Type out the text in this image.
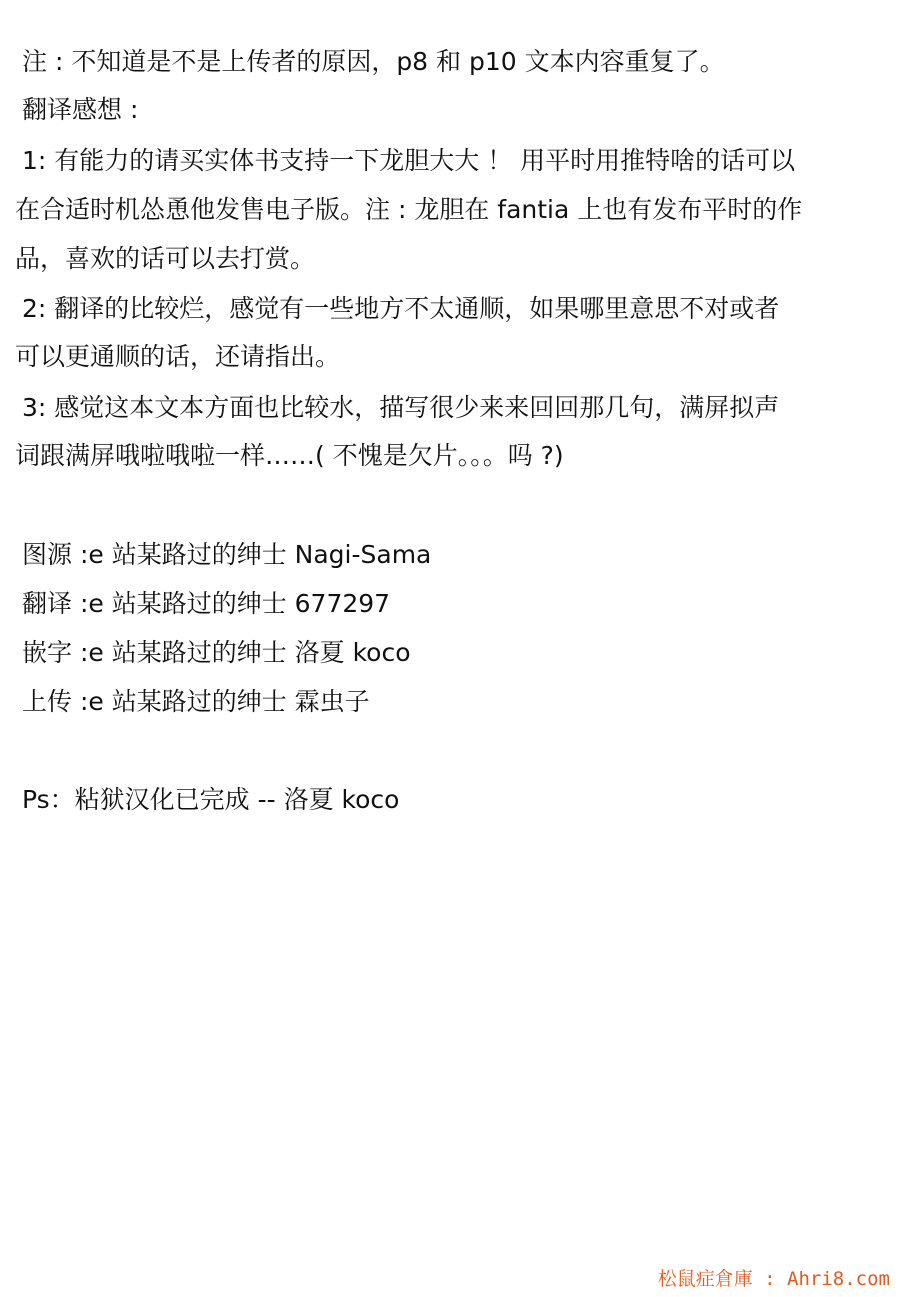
注 : 不知道是不是上传者的原因，p8 和 p10 文本内容重复了。
翻译感想 :
1: 有能力的请买实体书支持一下龙胆大大 ！ 用平时用推特啥的话可以
在合适时机怂恿他发售电子版。注 : 龙胆在 fantia 上也有发布平时的作
品，喜欢的话可以去打赏。
2: 翻译的比较烂，感觉有一些地方不太通顺，如果哪里意思不对或者
可以更通顺的话，还请指出。
3: 感觉这本文本方面也比较水，描写很少来来回回那几句，满屏拟声
词跟满屏哦啦哦啦一样……( 不愧是欠片。。。吗 ?)
图源 :e 站某路过的绅士 Nagi-Sama
翻译 :e 站某路过的绅士 677297
嵌字 :e 站某路过的绅士 洛夏 koco
上传 :e 站某路过的绅士 霖虫子
Ps：粘狱汉化已完成 -- 洛夏 koco
松鼠症倉庫 : Ahri8.com
